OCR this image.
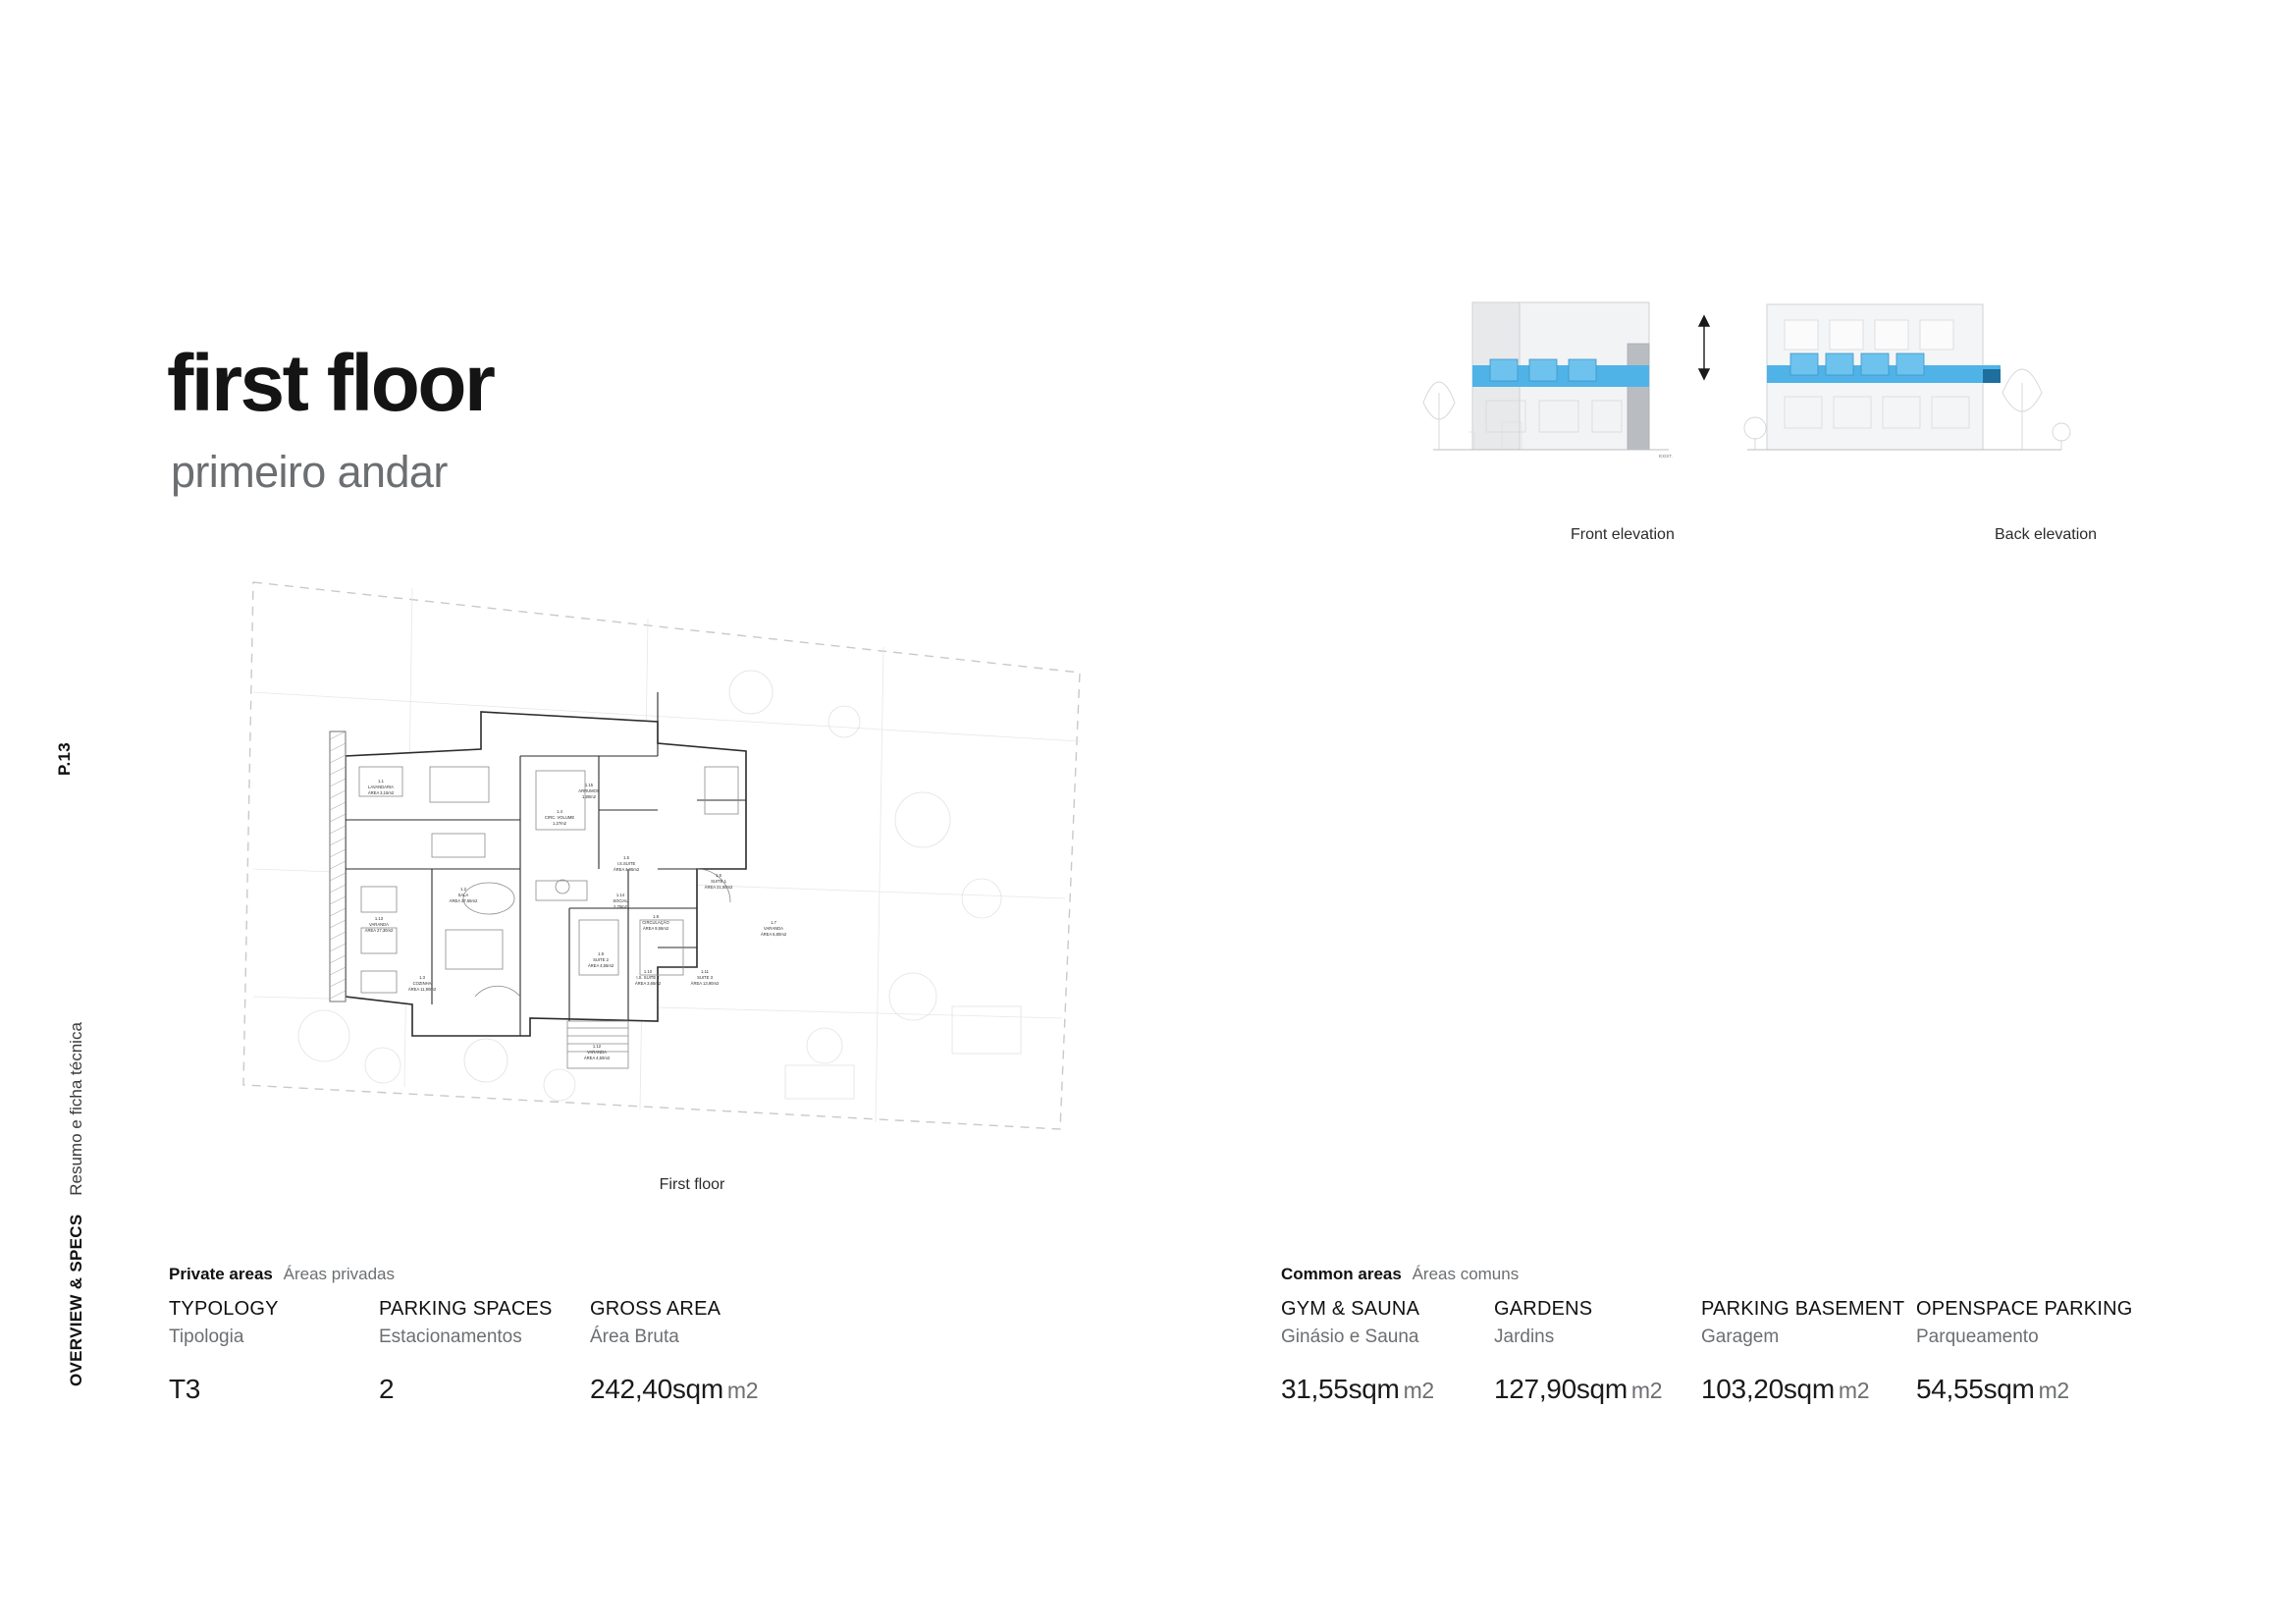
P.13
OVERVIEW & SPECS Resumo e ficha técnica
first floor
primeiro andar
1.1
LAVANDARIA
ÁREA 3,15m2
1.2
SALA
ÁREA 37,55m2
1.3
COZINHA
ÁREA 11,90m2
1.4
CIRC. VOLUME
1,27m2
1.5
I.S.SUITE
ÁREA 4,95m2
1.6
SUITE 1
ÁREA 21,50m2
1.7
VARANDA
ÁREA 6,80m2
1.8
CIRCULAÇÃO
ÁREA 9,55m2
1.9
SUITE 2
ÁREA 4,55m2
1.10
I.S. SUITE 2
ÁREA 3,65m2
1.11
SUITE 3
ÁREA 13,90m2
1.12
VARANDA
ÁREA 4,50m2
1.13
VARANDA
ÁREA 27,30m2
1.14
SOCIAL
2,70m2
1.15
ARRUMOS
1,80m2
First floor
EXIST.
Front elevation	Back elevation
Private areas Áreas privadas
TYPOLOGY
Tipologia
T3
PARKING SPACES
Estacionamentos
2
GROSS AREA
Área Bruta
242,40sqm m2
Common areas Áreas comuns
GYM & SAUNA
Ginásio e Sauna
31,55sqm m2
GARDENS
Jardins
127,90sqm m2
PARKING BASEMENT
Garagem
103,20sqm m2
OPENSPACE PARKING
Parqueamento
54,55sqm m2
